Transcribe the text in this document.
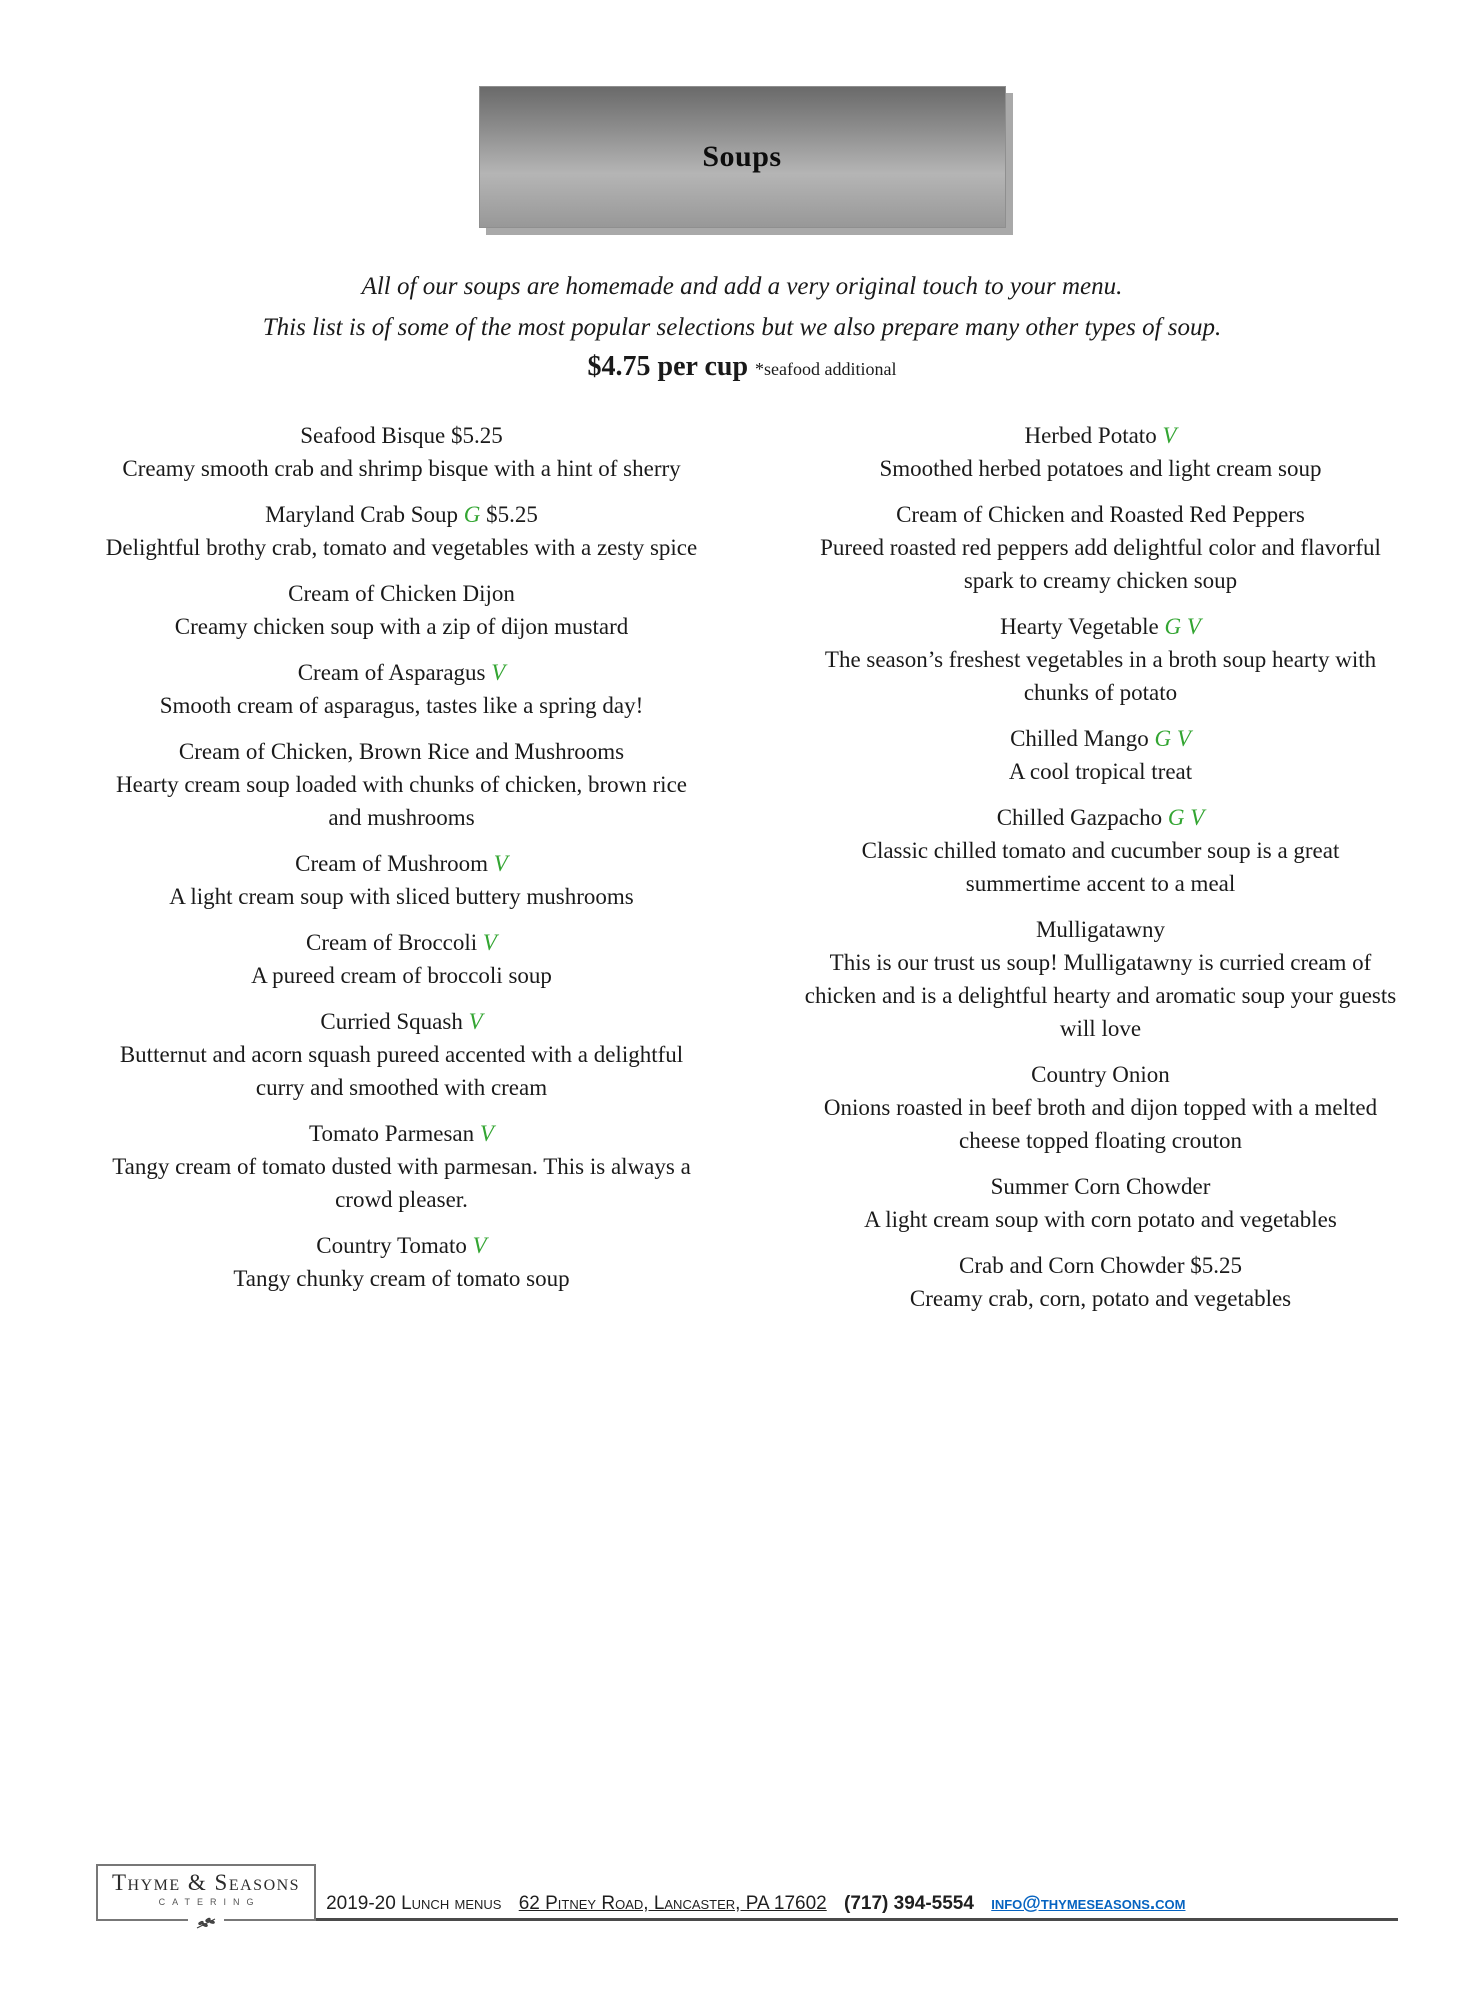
Soups
All of our soups are homemade and add a very original touch to your menu.
This list is of some of the most popular selections but we also prepare many other types of soup.
$4.75 per cup *seafood additional
Seafood Bisque $5.25
Creamy smooth crab and shrimp bisque with a hint of sherry
Maryland Crab Soup G $5.25
Delightful brothy crab, tomato and vegetables with a zesty spice
Cream of Chicken Dijon
Creamy chicken soup with a zip of dijon mustard
Cream of Asparagus V
Smooth cream of asparagus, tastes like a spring day!
Cream of Chicken, Brown Rice and Mushrooms
Hearty cream soup loaded with chunks of chicken, brown rice and mushrooms
Cream of Mushroom V
A light cream soup with sliced buttery mushrooms
Cream of Broccoli V
A pureed cream of broccoli soup
Curried Squash V
Butternut and acorn squash pureed accented with a delightful curry and smoothed with cream
Tomato Parmesan V
Tangy cream of tomato dusted with parmesan. This is always a crowd pleaser.
Country Tomato V
Tangy chunky cream of tomato soup
Herbed Potato V
Smoothed herbed potatoes and light cream soup
Cream of Chicken and Roasted Red Peppers
Pureed roasted red peppers add delightful color and flavorful spark to creamy chicken soup
Hearty Vegetable G V
The season’s freshest vegetables in a broth soup hearty with chunks of potato
Chilled Mango G V
A cool tropical treat
Chilled Gazpacho G V
Classic chilled tomato and cucumber soup is a great summertime accent to a meal
Mulligatawny
This is our trust us soup! Mulligatawny is curried cream of chicken and is a delightful hearty and aromatic soup your guests will love
Country Onion
Onions roasted in beef broth and dijon topped with a melted cheese topped floating crouton
Summer Corn Chowder
A light cream soup with corn potato and vegetables
Crab and Corn Chowder $5.25
Creamy crab, corn, potato and vegetables
Thyme & Seasons
CATERING	2019-20 Lunch menus 62 Pitney Road, Lancaster, PA 17602 (717) 394-5554 info@thymeseasons.com
